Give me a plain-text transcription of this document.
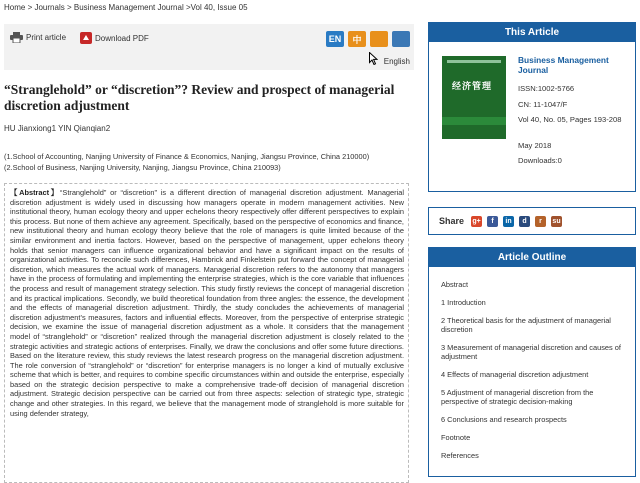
Home > Journals > Business Management Journal >Vol 40, Issue 05
Print article	Download PDF	EN	中
English
“Stranglehold” or “discretion”? Review and prospect of managerial discretion adjustment
HU Jianxiong1 YIN Qianqian2
(1.School of Accounting, Nanjing University of Finance & Economics, Nanjing, Jiangsu Province, China 210000)
(2.School of Business, Nanjing University, Nanjing, Jiangsu Province, China 210093)

【Abstract】“Stranglehold” or “discretion” is a different direction of managerial discretion adjustment. Managerial discretion adjustment is widely used in discussing how managers operate in modern management activities. New institutional theory, human ecology theory and upper echelons theory respectively offer different perspectives to explain this process. But none of them achieve any agreement. Specifically, based on the perspective of economics and finance, new institutional theory and human ecology theory believe that the role of managers is quite limited because of the similar environment and inertia factors. However, based on the perspective of management, upper echelons theory holds that senior managers can influence organizational behavior and have a significant impact on the results of organizational activities. To reconcile such differences, Hambrick and Finkelstein put forward the concept of managerial discretion, which measures the actual work of managers. Managerial discretion refers to the autonomy that managers have in the process of formulating and implementing the enterprise strategies, which is the core variable that influences the process and result of management strategy selection. This study firstly reviews the concept of managerial discretion and its practical implications. Secondly, we build theoretical foundation from three angles: the essence, the development and the effects of managerial discretion adjustment. Thirdly, the study concludes the achievements of managerial discretion adjustment’s measures, factors and influential effects. Moreover, from the perspective of enterprise strategic decision, we examine the issue of managerial discretion adjustment as a whole. It considers that the management model of “stranglehold” or “discretion” realized through the managerial discretion adjustment is closely related to the strategic activities and strategic actions of enterprises. Finally, we draw the conclusions and offer some future directions. Based on the literature review, this study reviews the latest research progress on the managerial discretion adjustment. The role conversion of “stranglehold” or “discretion” for enterprise managers is no longer a kind of mutually exclusive scheme that which is better, and requires to combine specific circumstances within and outside the enterprise, especially based on the strategic decision perspective to make a comprehensive trade-off decision of managerial discretion adjustment. Strategic decision perspective can be carried out from three aspects: selection of strategic type, strategic change and other strategies. In this regard, we believe that the management mode of stranglehold is more suitable for using defender strategy,

This Article
经济管理
Business Management Journal
ISSN:1002-5766
CN: 11-1047/F
Vol 40, No. 05, Pages 193-208
May 2018
Downloads:0
Share g+	f	in	d	r	su
Article Outline
Abstract
1 Introduction
2 Theoretical basis for the adjustment of managerial discretion
3 Measurement of managerial discretion and causes of adjustment
4 Effects of managerial discretion adjustment
5 Adjustment of managerial discretion from the perspective of strategic decision-making
6 Conclusions and research prospects
Footnote
References
